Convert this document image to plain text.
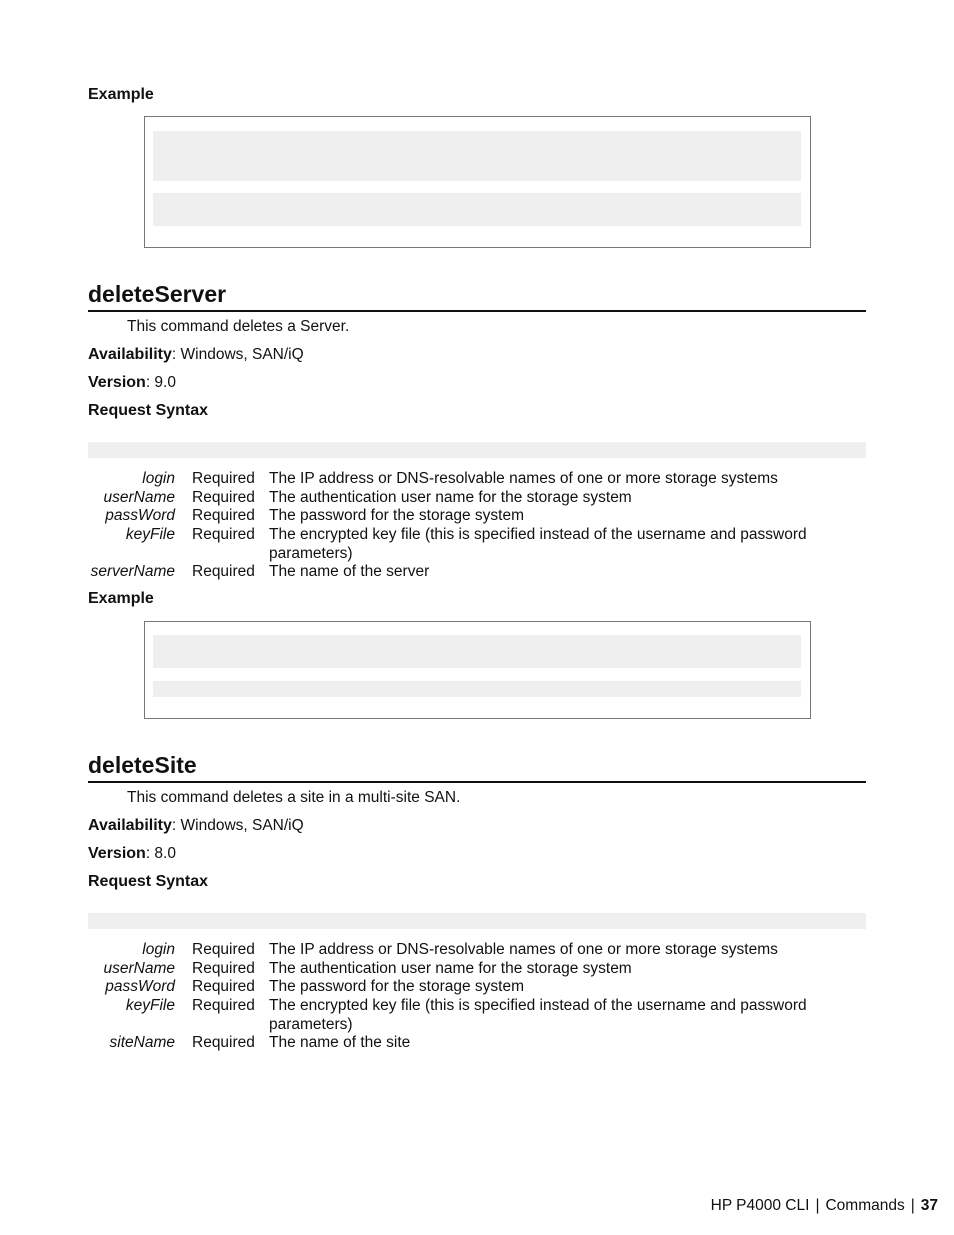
Example
deleteServer
This command deletes a Server.
Availability: Windows, SAN/iQ
Version: 9.0
Request Syntax
login Required The IP address or DNS-resolvable names of one or more storage systems
userName Required The authentication user name for the storage system
passWord Required The password for the storage system
keyFile Required The encrypted key file (this is specified instead of the username and password parameters)
serverName Required The name of the server
Example
deleteSite
This command deletes a site in a multi-site SAN.
Availability: Windows, SAN/iQ
Version: 8.0
Request Syntax
login Required The IP address or DNS-resolvable names of one or more storage systems
userName Required The authentication user name for the storage system
passWord Required The password for the storage system
keyFile Required The encrypted key file (this is specified instead of the username and password parameters)
siteName Required The name of the site
HP P4000 CLI | Commands | 37
